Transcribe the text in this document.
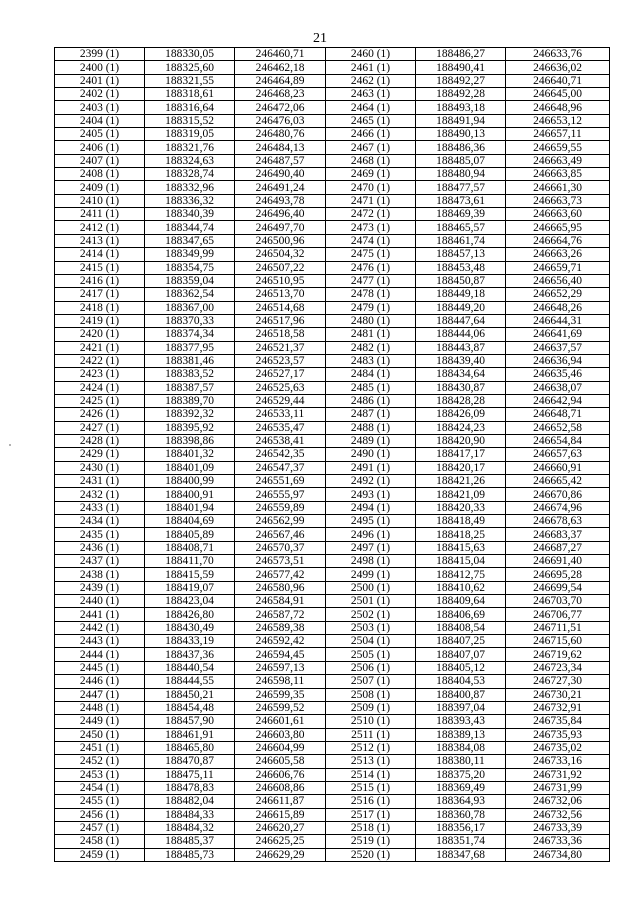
21
2399 (1)	188330,05	246460,71	2460 (1)	188486,27	246633,76
2400 (1)	188325,60	246462,18	2461 (1)	188490,41	246636,02
2401 (1)	188321,55	246464,89	2462 (1)	188492,27	246640,71
2402 (1)	188318,61	246468,23	2463 (1)	188492,28	246645,00
2403 (1)	188316,64	246472,06	2464 (1)	188493,18	246648,96
2404 (1)	188315,52	246476,03	2465 (1)	188491,94	246653,12
2405 (1)	188319,05	246480,76	2466 (1)	188490,13	246657,11
2406 (1)	188321,76	246484,13	2467 (1)	188486,36	246659,55
2407 (1)	188324,63	246487,57	2468 (1)	188485,07	246663,49
2408 (1)	188328,74	246490,40	2469 (1)	188480,94	246663,85
2409 (1)	188332,96	246491,24	2470 (1)	188477,57	246661,30
2410 (1)	188336,32	246493,78	2471 (1)	188473,61	246663,73
2411 (1)	188340,39	246496,40	2472 (1)	188469,39	246663,60
2412 (1)	188344,74	246497,70	2473 (1)	188465,57	246665,95
2413 (1)	188347,65	246500,96	2474 (1)	188461,74	246664,76
2414 (1)	188349,99	246504,32	2475 (1)	188457,13	246663,26
2415 (1)	188354,75	246507,22	2476 (1)	188453,48	246659,71
2416 (1)	188359,04	246510,95	2477 (1)	188450,87	246656,40
2417 (1)	188362,54	246513,70	2478 (1)	188449,18	246652,29
2418 (1)	188367,00	246514,68	2479 (1)	188449,20	246648,26
2419 (1)	188370,33	246517,96	2480 (1)	188447,64	246644,31
2420 (1)	188374,34	246518,58	2481 (1)	188444,06	246641,69
2421 (1)	188377,95	246521,37	2482 (1)	188443,87	246637,57
2422 (1)	188381,46	246523,57	2483 (1)	188439,40	246636,94
2423 (1)	188383,52	246527,17	2484 (1)	188434,64	246635,46
2424 (1)	188387,57	246525,63	2485 (1)	188430,87	246638,07
2425 (1)	188389,70	246529,44	2486 (1)	188428,28	246642,94
2426 (1)	188392,32	246533,11	2487 (1)	188426,09	246648,71
2427 (1)	188395,92	246535,47	2488 (1)	188424,23	246652,58
2428 (1)	188398,86	246538,41	2489 (1)	188420,90	246654,84
2429 (1)	188401,32	246542,35	2490 (1)	188417,17	246657,63
2430 (1)	188401,09	246547,37	2491 (1)	188420,17	246660,91
2431 (1)	188400,99	246551,69	2492 (1)	188421,26	246665,42
2432 (1)	188400,91	246555,97	2493 (1)	188421,09	246670,86
2433 (1)	188401,94	246559,89	2494 (1)	188420,33	246674,96
2434 (1)	188404,69	246562,99	2495 (1)	188418,49	246678,63
2435 (1)	188405,89	246567,46	2496 (1)	188418,25	246683,37
2436 (1)	188408,71	246570,37	2497 (1)	188415,63	246687,27
2437 (1)	188411,70	246573,51	2498 (1)	188415,04	246691,40
2438 (1)	188415,59	246577,42	2499 (1)	188412,75	246695,28
2439 (1)	188419,07	246580,96	2500 (1)	188410,62	246699,54
2440 (1)	188423,04	246584,91	2501 (1)	188409,64	246703,70
2441 (1)	188426,80	246587,72	2502 (1)	188406,69	246706,77
2442 (1)	188430,49	246589,38	2503 (1)	188408,54	246711,51
2443 (1)	188433,19	246592,42	2504 (1)	188407,25	246715,60
2444 (1)	188437,36	246594,45	2505 (1)	188407,07	246719,62
2445 (1)	188440,54	246597,13	2506 (1)	188405,12	246723,34
2446 (1)	188444,55	246598,11	2507 (1)	188404,53	246727,30
2447 (1)	188450,21	246599,35	2508 (1)	188400,87	246730,21
2448 (1)	188454,48	246599,52	2509 (1)	188397,04	246732,91
2449 (1)	188457,90	246601,61	2510 (1)	188393,43	246735,84
2450 (1)	188461,91	246603,80	2511 (1)	188389,13	246735,93
2451 (1)	188465,80	246604,99	2512 (1)	188384,08	246735,02
2452 (1)	188470,87	246605,58	2513 (1)	188380,11	246733,16
2453 (1)	188475,11	246606,76	2514 (1)	188375,20	246731,92
2454 (1)	188478,83	246608,86	2515 (1)	188369,49	246731,99
2455 (1)	188482,04	246611,87	2516 (1)	188364,93	246732,06
2456 (1)	188484,33	246615,89	2517 (1)	188360,78	246732,56
2457 (1)	188484,32	246620,27	2518 (1)	188356,17	246733,39
2458 (1)	188485,37	246625,25	2519 (1)	188351,74	246733,36
2459 (1)	188485,73	246629,29	2520 (1)	188347,68	246734,80
